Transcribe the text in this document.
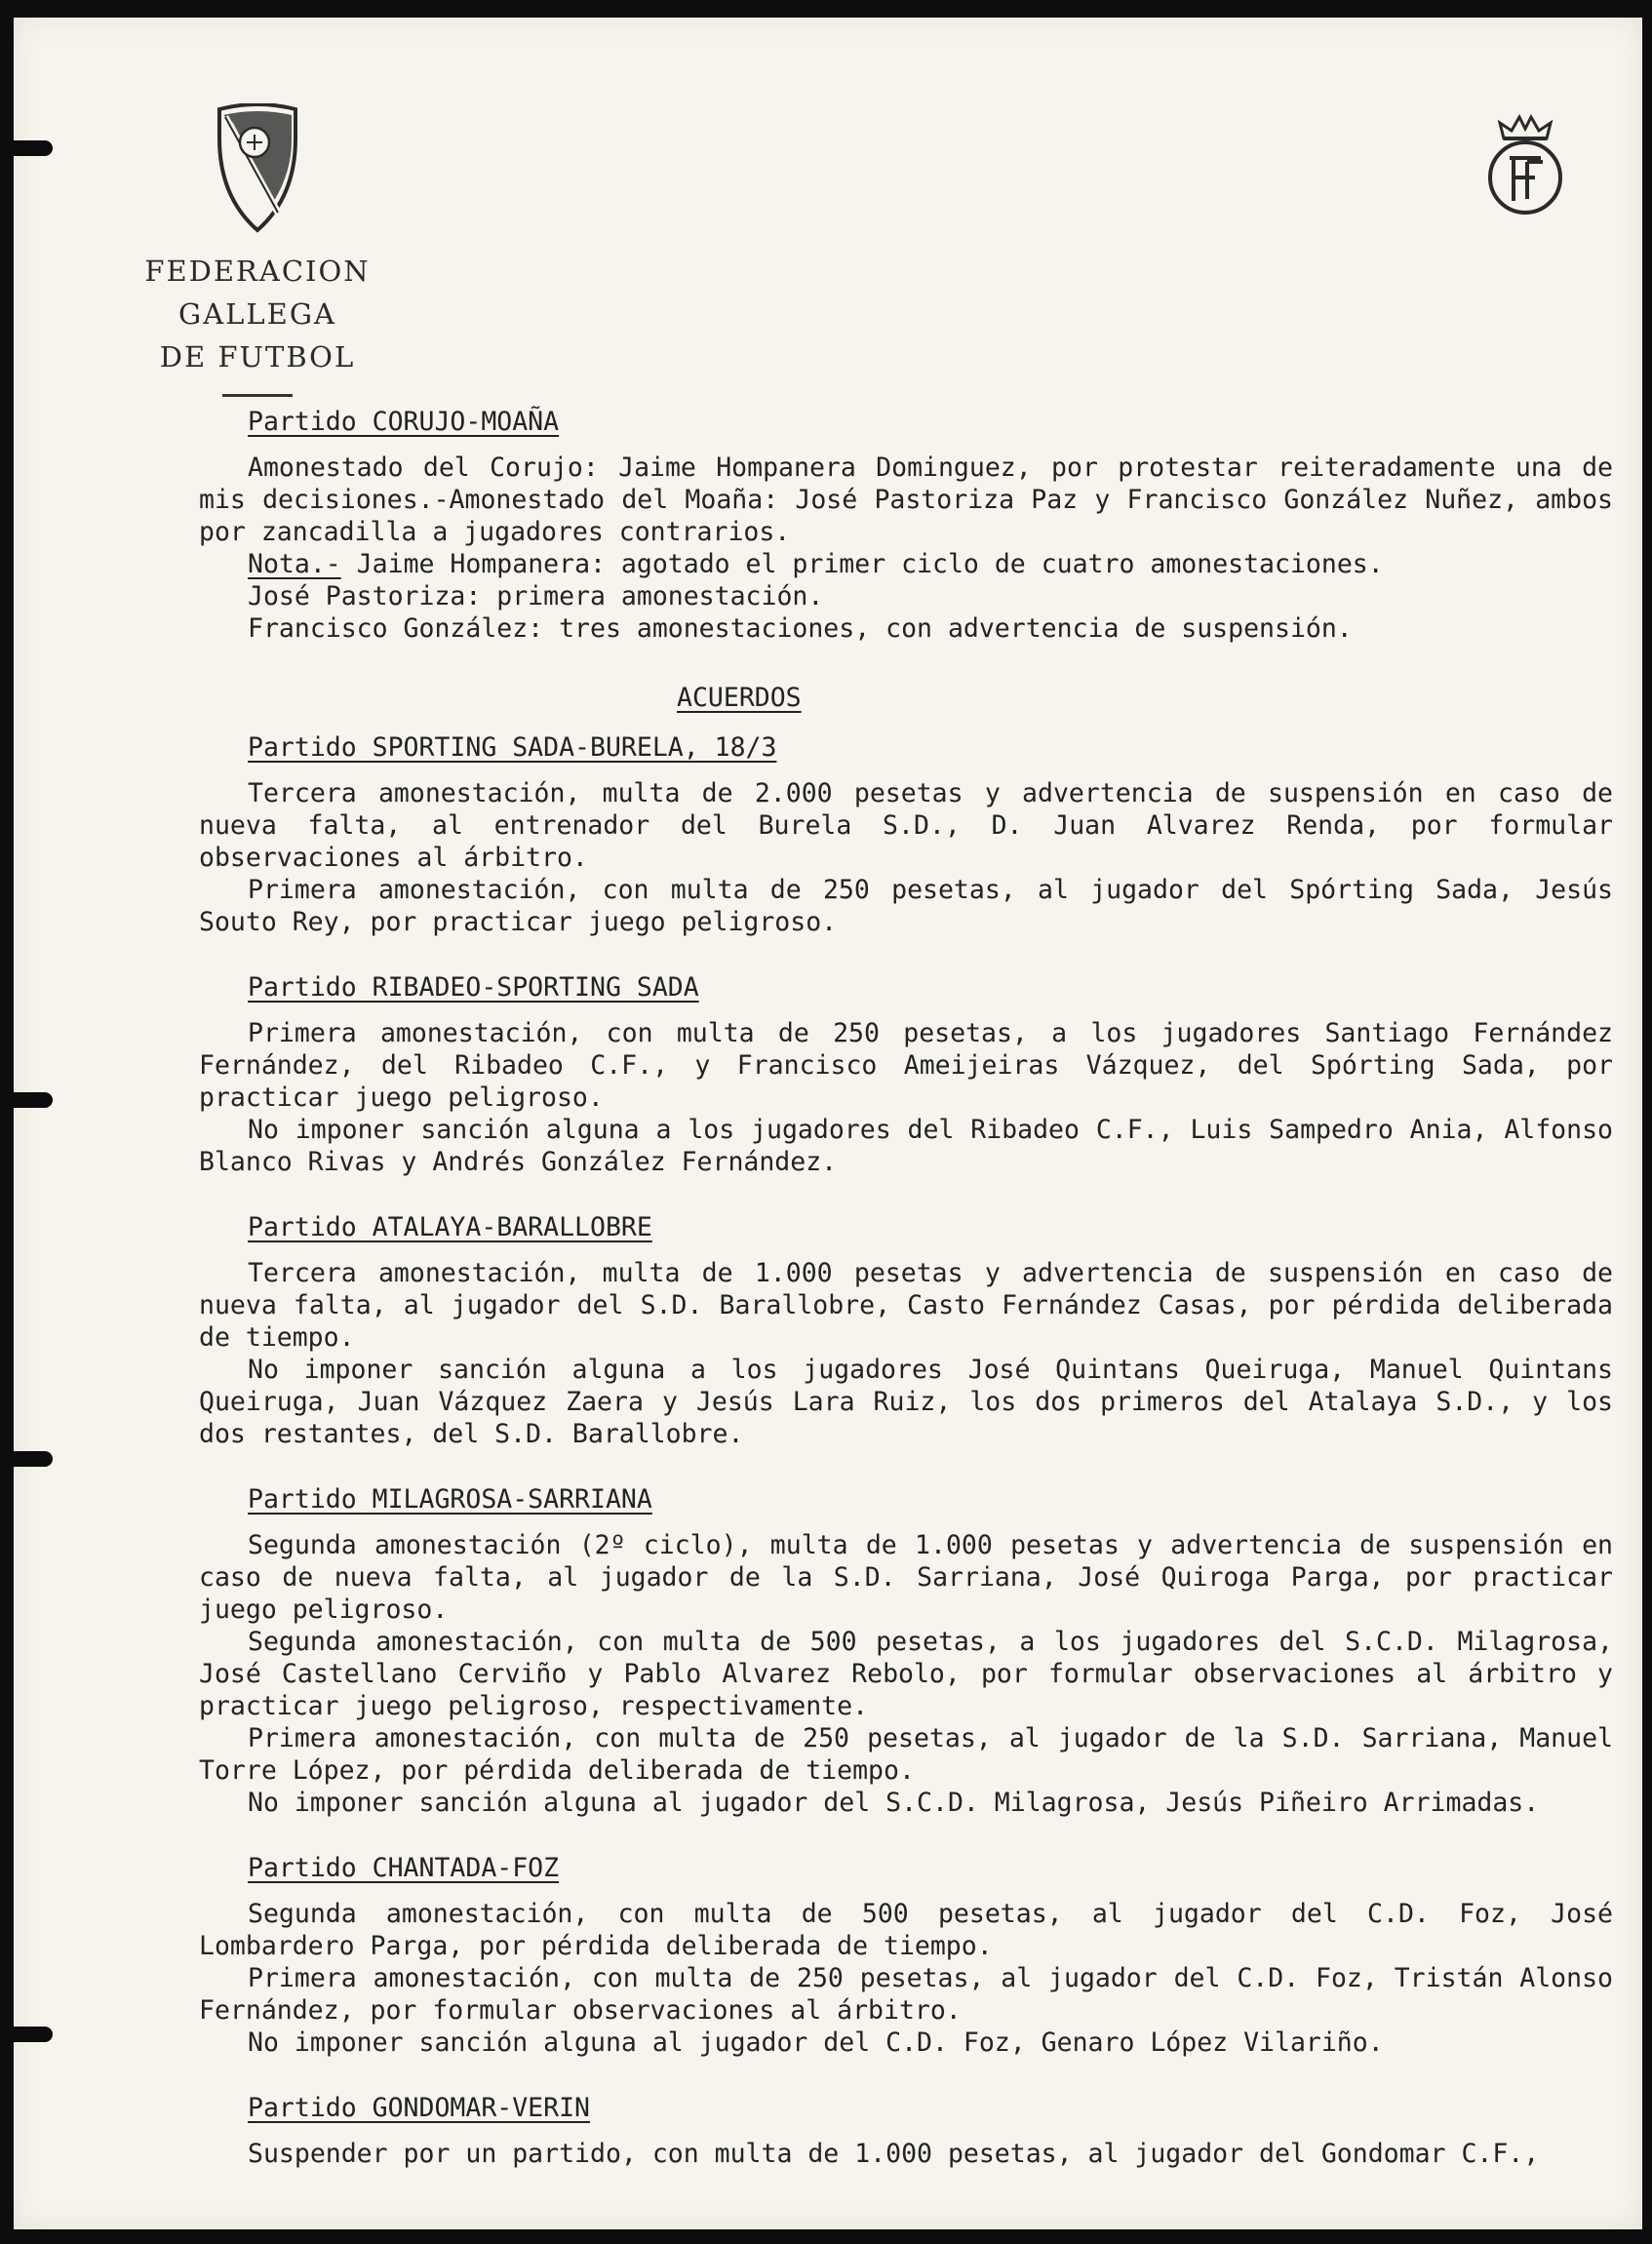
FEDERACION GALLEGA
DE FUTBOL
Partido CORUJO-MOAÑA

Amonestado del Corujo: Jaime Hompanera Dominguez, por protestar reiteradamente una de mis decisiones.-Amonestado del Moaña: José Pastoriza Paz y Francisco González Nuñez, ambos por zancadilla a jugadores contrarios.

Nota.- Jaime Hompanera: agotado el primer ciclo de cuatro amonestaciones.
José Pastoriza: primera amonestación.
Francisco González: tres amonestaciones, con advertencia de suspensión.
ACUERDOS
Partido SPORTING SADA-BURELA, 18/3

Tercera amonestación, multa de 2.000 pesetas y advertencia de suspensión en caso de nueva falta, al entrenador del Burela S.D., D. Juan Alvarez Renda, por formular observaciones al árbitro.

Primera amonestación, con multa de 250 pesetas, al jugador del Spórting Sada, Jesús Souto Rey, por practicar juego peligroso.

Partido RIBADEO-SPORTING SADA

Primera amonestación, con multa de 250 pesetas, a los jugadores Santiago Fernández Fernández, del Ribadeo C.F., y Francisco Ameijeiras Vázquez, del Spórting Sada, por practicar juego peligroso.

No imponer sanción alguna a los jugadores del Ribadeo C.F., Luis Sampedro Ania, Alfonso Blanco Rivas y Andrés González Fernández.

Partido ATALAYA-BARALLOBRE

Tercera amonestación, multa de 1.000 pesetas y advertencia de suspensión en caso de nueva falta, al jugador del S.D. Barallobre, Casto Fernández Casas, por pérdida deliberada de tiempo.

No imponer sanción alguna a los jugadores José Quintans Queiruga, Manuel Quintans Queiruga, Juan Vázquez Zaera y Jesús Lara Ruiz, los dos primeros del Atalaya S.D., y los dos restantes, del S.D. Barallobre.

Partido MILAGROSA-SARRIANA

Segunda amonestación (2º ciclo), multa de 1.000 pesetas y advertencia de suspensión en caso de nueva falta, al jugador de la S.D. Sarriana, José Quiroga Parga, por practicar juego peligroso.

Segunda amonestación, con multa de 500 pesetas, a los jugadores del S.C.D. Milagrosa, José Castellano Cerviño y Pablo Alvarez Rebolo, por formular observaciones al árbitro y practicar juego peligroso, respectivamente.

Primera amonestación, con multa de 250 pesetas, al jugador de la S.D. Sarriana, Manuel Torre López, por pérdida deliberada de tiempo.

No imponer sanción alguna al jugador del S.C.D. Milagrosa, Jesús Piñeiro Arrimadas.

Partido CHANTADA-FOZ

Segunda amonestación, con multa de 500 pesetas, al jugador del C.D. Foz, José Lombardero Parga, por pérdida deliberada de tiempo.

Primera amonestación, con multa de 250 pesetas, al jugador del C.D. Foz, Tristán Alonso Fernández, por formular observaciones al árbitro.

No imponer sanción alguna al jugador del C.D. Foz, Genaro López Vilariño.

Partido GONDOMAR-VERIN

Suspender por un partido, con multa de 1.000 pesetas, al jugador del Gondomar C.F.,
